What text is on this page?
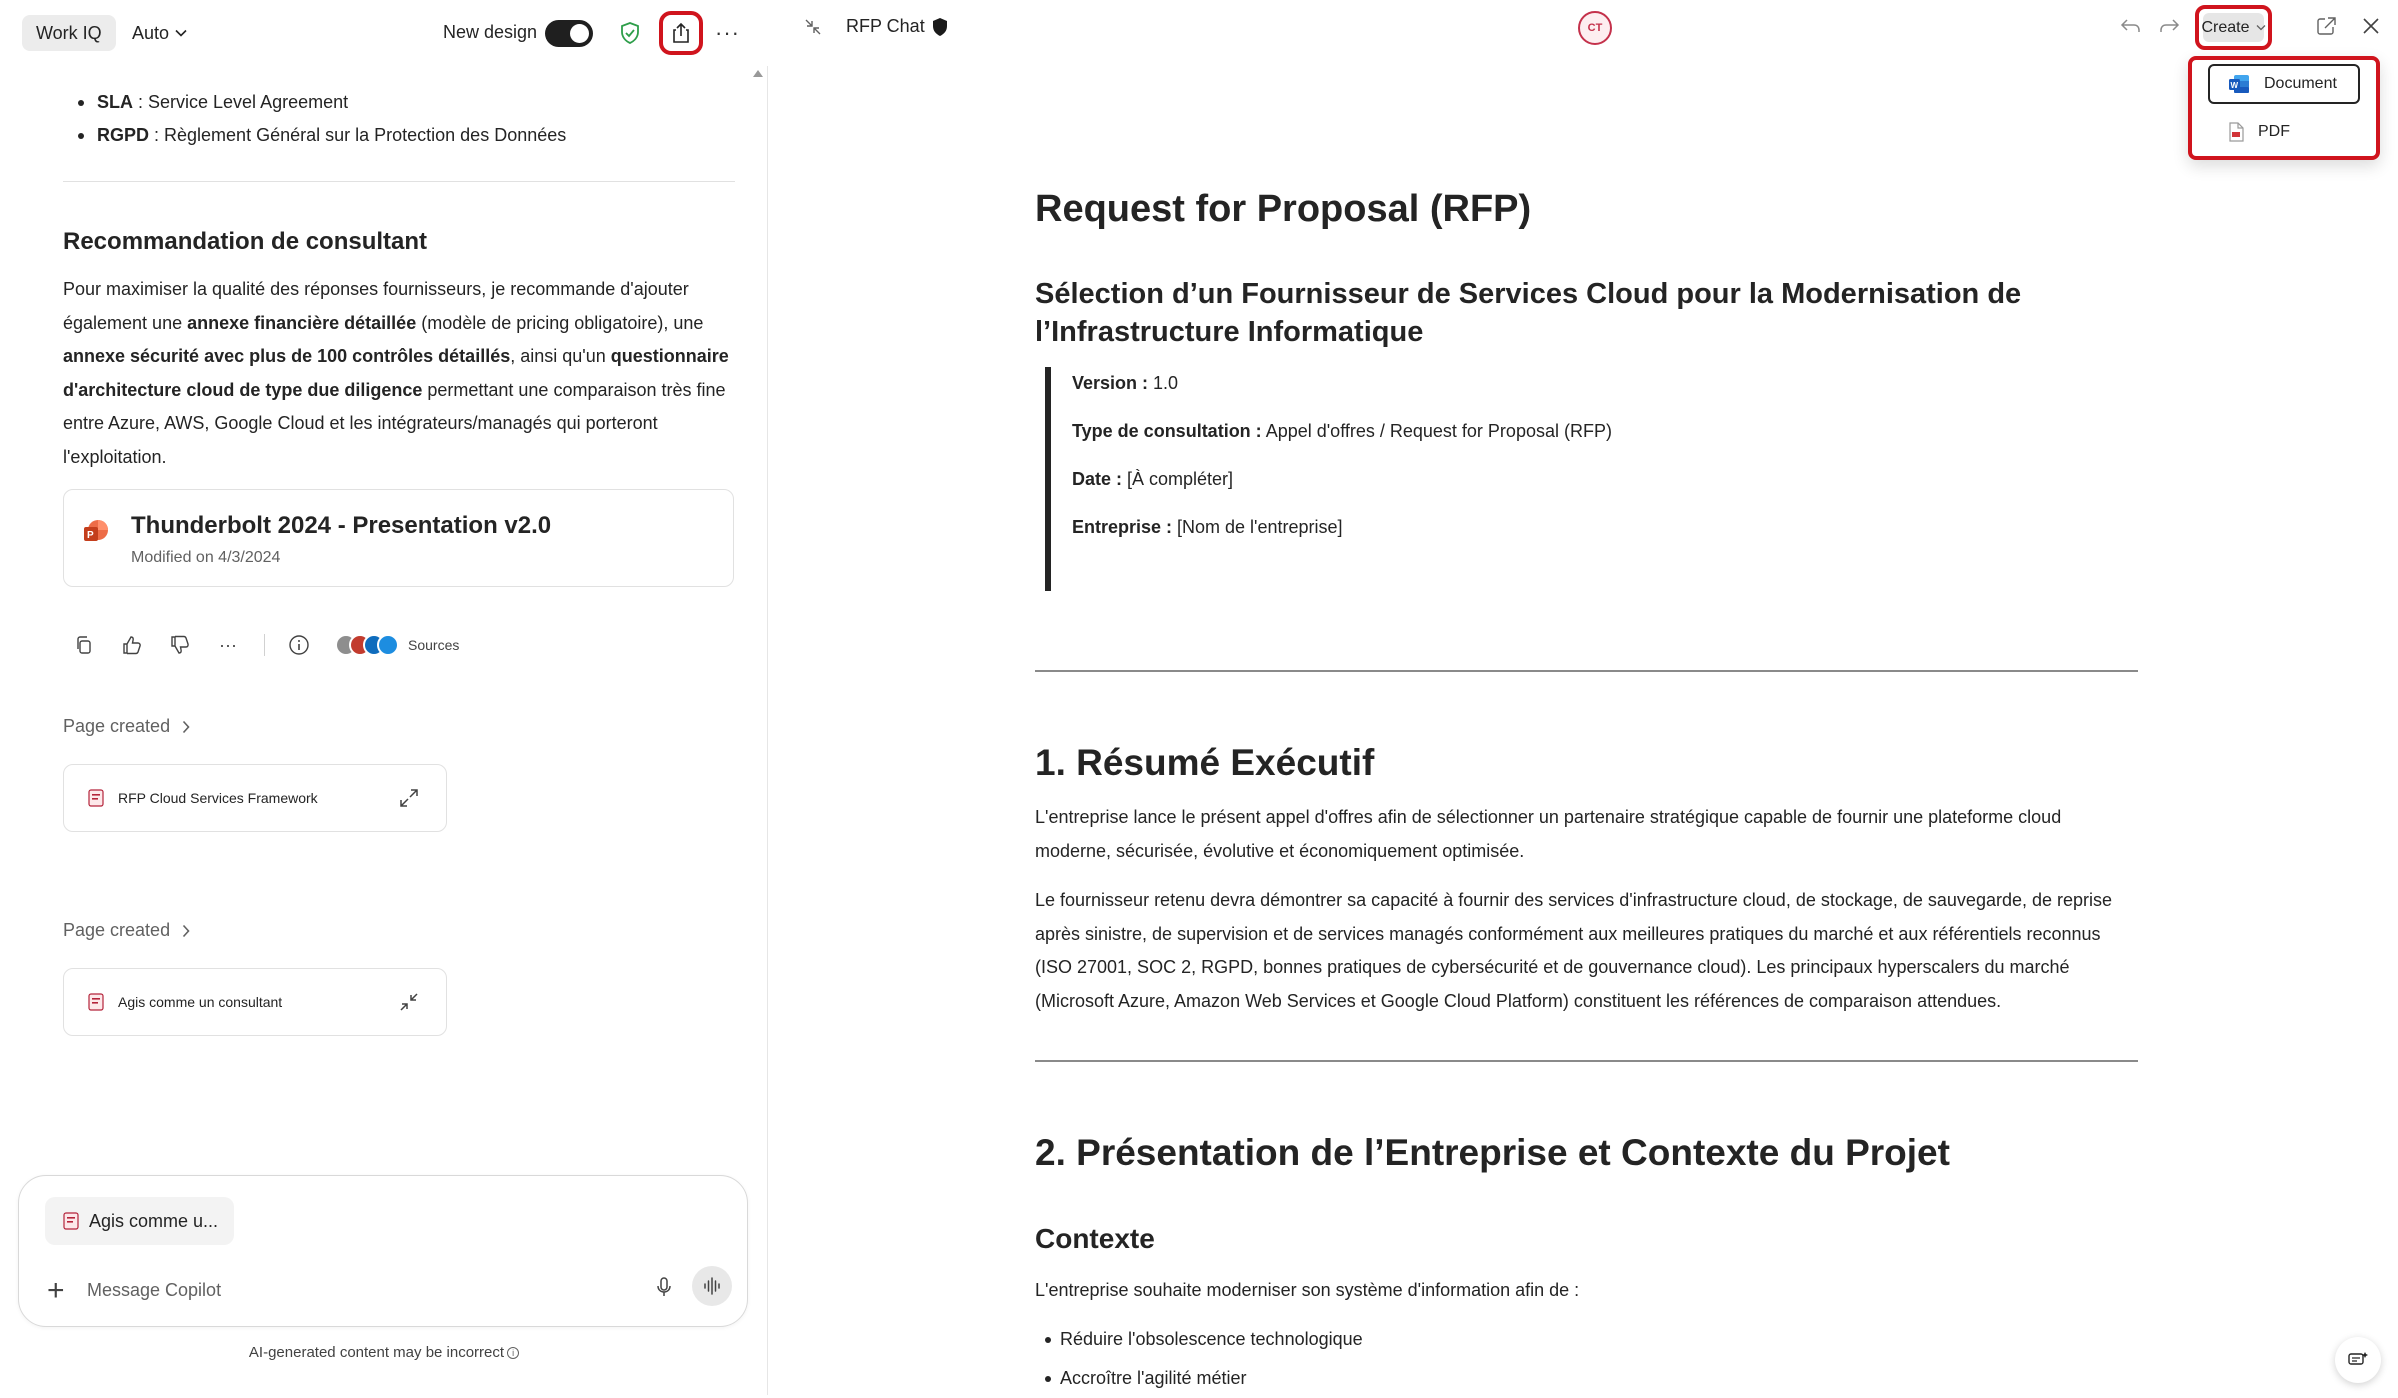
Work IQ	Auto	New design	···
SLA : Service Level Agreement
RGPD : Règlement Général sur la Protection des Données
Recommandation de consultant
Pour maximiser la qualité des réponses fournisseurs, je recommande d'ajouter également une annexe financière détaillée (modèle de pricing obligatoire), une annexe sécurité avec plus de 100 contrôles détaillés, ainsi qu'un questionnaire d'architecture cloud de type due diligence permettant une comparaison très fine entre Azure, AWS, Google Cloud et les intégrateurs/managés qui porteront l'exploitation.
P Thunderbolt 2024 - Presentation v2.0
Modified on 4/3/2024
···	Sources
Page created
RFP Cloud Services Framework
Page created
Agis comme un consultant
Agis comme u...
+
Message Copilot
AI-generated content may be incorrect i
RFP Chat	CT	Create
W Document
PDF
Request for Proposal (RFP)
Sélection d’un Fournisseur de Services Cloud pour la Modernisation de l’Infrastructure Informatique
Version : 1.0
Type de consultation : Appel d'offres / Request for Proposal (RFP)
Date : [À compléter]
Entreprise : [Nom de l'entreprise]
1. Résumé Exécutif
L'entreprise lance le présent appel d'offres afin de sélectionner un partenaire stratégique capable de fournir une plateforme cloud moderne, sécurisée, évolutive et économiquement optimisée.
Le fournisseur retenu devra démontrer sa capacité à fournir des services d'infrastructure cloud, de stockage, de sauvegarde, de reprise après sinistre, de supervision et de services managés conformément aux meilleures pratiques du marché et aux référentiels reconnus (ISO 27001, SOC 2, RGPD, bonnes pratiques de cybersécurité et de gouvernance cloud). Les principaux hyperscalers du marché (Microsoft Azure, Amazon Web Services et Google Cloud Platform) constituent les références de comparaison attendues.
2. Présentation de l’Entreprise et Contexte du Projet
Contexte
L'entreprise souhaite moderniser son système d'information afin de :
Réduire l'obsolescence technologique
Accroître l'agilité métier
